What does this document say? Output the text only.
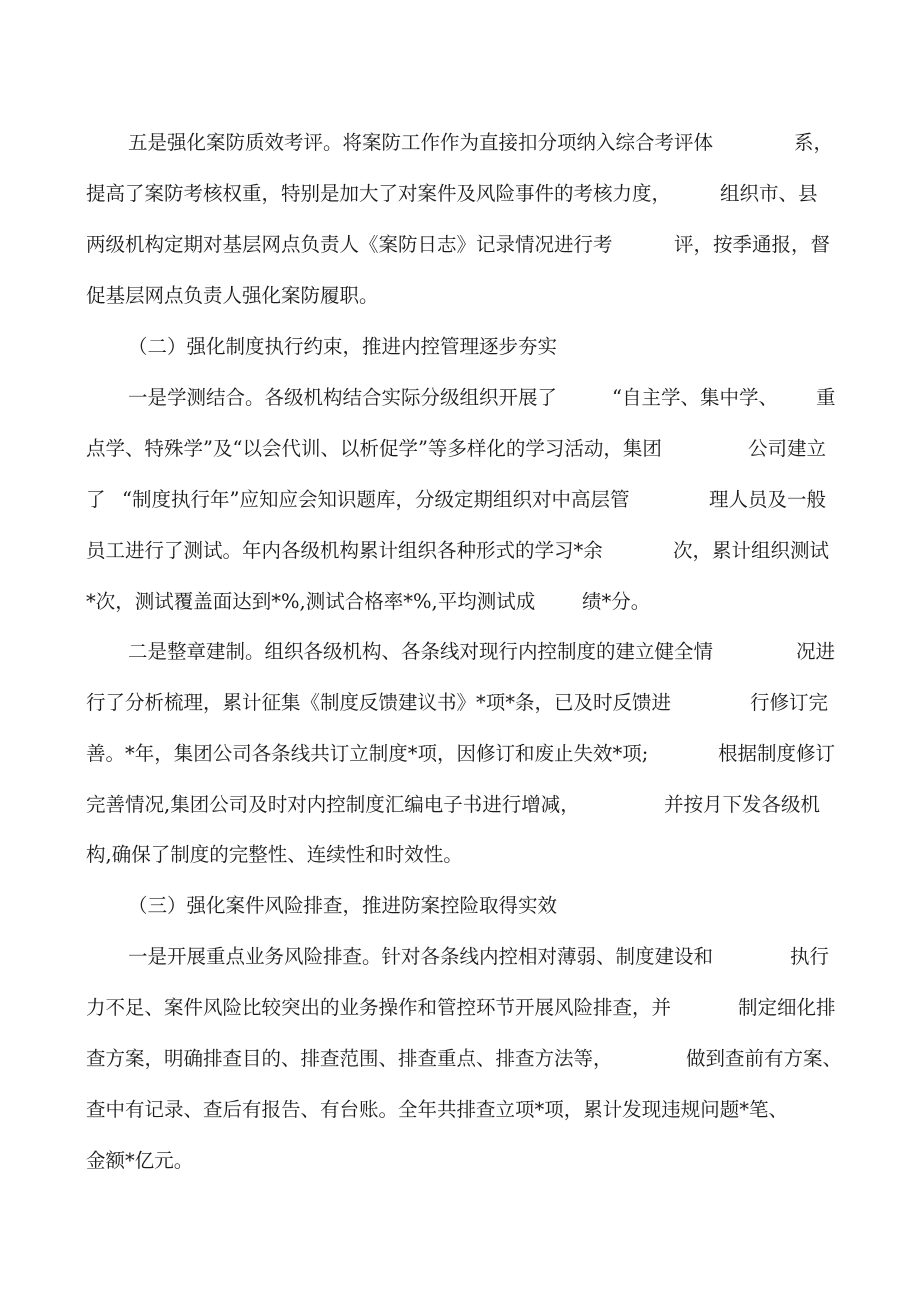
五是强化案防质效考评。将案防工作作为直接扣分项纳入综合考评体	系，
提高了案防考核权重，特别是加大了对案件及风险事件的考核力度，	组织市、县
两级机构定期对基层网点负责人《案防日志》记录情况进行考	评，按季通报，督
促基层网点负责人强化案防履职。
（二）强化制度执行约束，推进内控管理逐步夯实
一是学测结合。各级机构结合实际分级组织开展了	“自主学、集中学、 重
点学、特殊学”及“以会代训、以析促学”等多样化的学习活动，集团	公司建立
了 “制度执行年”应知应会知识题库，分级定期组织对中高层管	理人员及一般
员工进行了测试。年内各级机构累计组织各种形式的学习*余	次，累计组织测试
*次，测试覆盖面达到*%,测试合格率*%,平均测试成 绩*分。
二是整章建制。组织各级机构、各条线对现行内控制度的建立健全情	况进
行了分析梳理，累计征集《制度反馈建议书》*项*条，已及时反馈进	行修订完
善。*年，集团公司各条线共订立制度*项，因修订和废止失效*项;	根据制度修订
完善情况,集团公司及时对内控制度汇编电子书进行增减，	并按月下发各级机
构,确保了制度的完整性、连续性和时效性。
（三）强化案件风险排查，推进防案控险取得实效
一是开展重点业务风险排查。针对各条线内控相对薄弱、制度建设和	执行
力不足、案件风险比较突出的业务操作和管控环节开展风险排查，并	制定细化排
查方案，明确排查目的、排查范围、排查重点、排查方法等，	做到查前有方案、
查中有记录、查后有报告、有台账。全年共排查立项*项，累计发现违规问题*笔、
金额*亿元。
